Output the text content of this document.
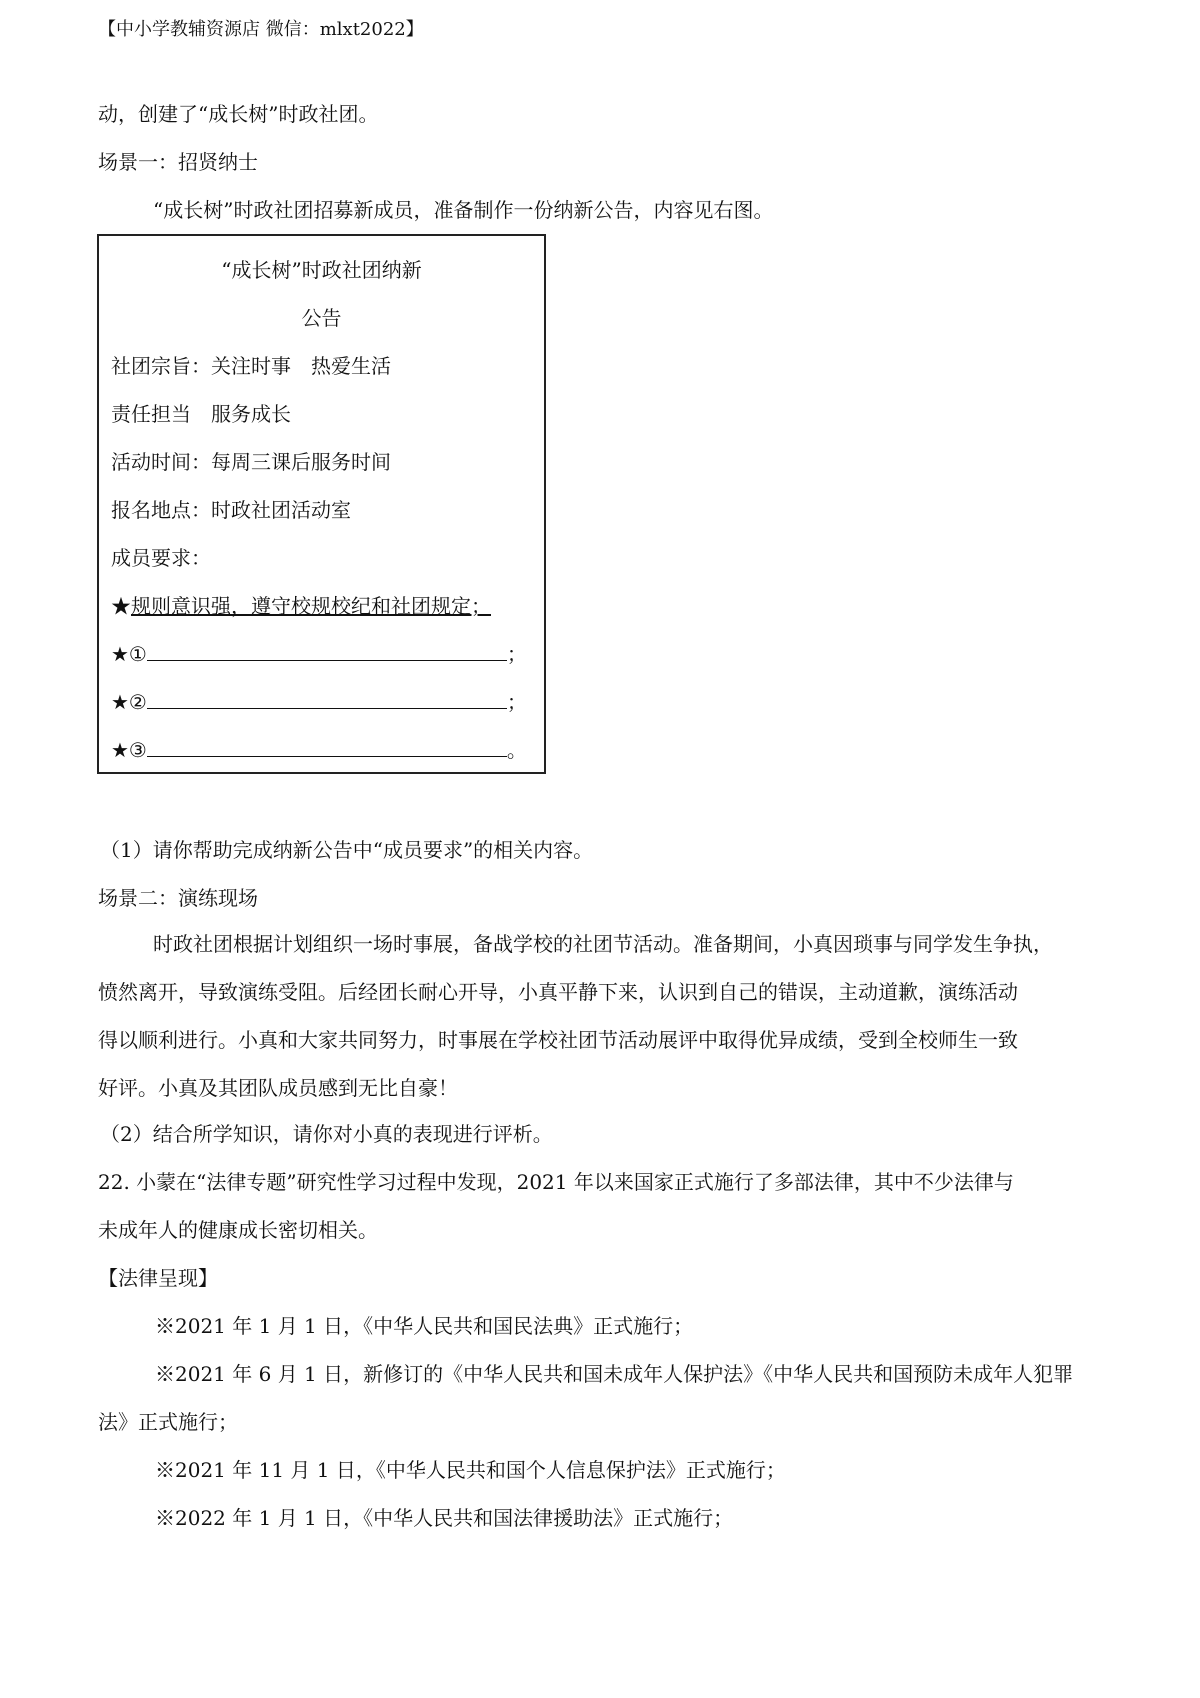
【中小学教辅资源店 微信：mlxt2022】
动，创建了“成长树”时政社团。
场景一：招贤纳士
“成长树”时政社团招募新成员，准备制作一份纳新公告，内容见右图。
“成长树”时政社团纳新
公告
社团宗旨：关注时事　热爱生活
责任担当　服务成长
活动时间：每周三课后服务时间
报名地点：时政社团活动室
成员要求：
★规则意识强，遵守校规校纪和社团规定；
★①	；
★②	；
★③	。
（1）请你帮助完成纳新公告中“成员要求”的相关内容。
场景二：演练现场
时政社团根据计划组织一场时事展，备战学校的社团节活动。准备期间，小真因琐事与同学发生争执，
愤然离开，导致演练受阻。后经团长耐心开导，小真平静下来，认识到自己的错误，主动道歉，演练活动
得以顺利进行。小真和大家共同努力，时事展在学校社团节活动展评中取得优异成绩，受到全校师生一致
好评。小真及其团队成员感到无比自豪！
（2）结合所学知识，请你对小真的表现进行评析。
22. 小蒙在“法律专题”研究性学习过程中发现，2021 年以来国家正式施行了多部法律，其中不少法律与
未成年人的健康成长密切相关。
【法律呈现】
※2021 年 1 月 1 日，《中华人民共和国民法典》正式施行；
※2021 年 6 月 1 日，新修订的《中华人民共和国未成年人保护法》《中华人民共和国预防未成年人犯罪
法》正式施行；
※2021 年 11 月 1 日，《中华人民共和国个人信息保护法》正式施行；
※2022 年 1 月 1 日，《中华人民共和国法律援助法》正式施行；
